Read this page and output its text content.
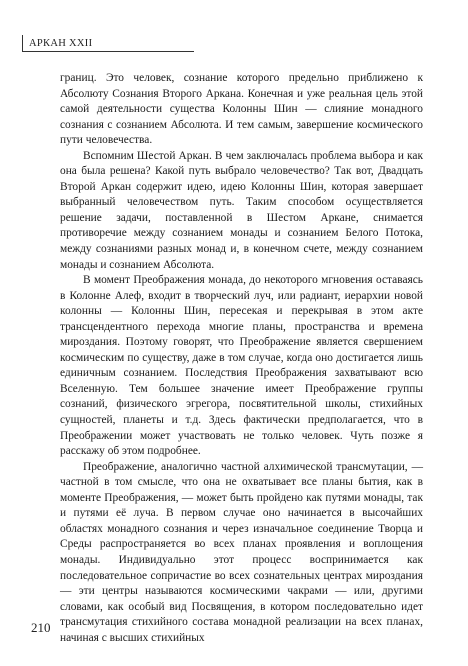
АРКАН XXII

границ. Это человек, сознание которого предельно приближено к Абсолюту Сознания Второго Аркана. Конечная и уже реальная цель этой самой деятельности существа Колонны Шин — слияние монадного сознания с сознанием Абсолюта. И тем самым, завершение космического пути человечества.

Вспомним Шестой Аркан. В чем заключалась проблема выбора и как она была решена? Какой путь выбрало человечество? Так вот, Двадцать Второй Аркан содержит идею, идею Колонны Шин, которая завершает выбранный человечеством путь. Таким способом осуществляется решение задачи, поставленной в Шестом Аркане, снимается противоречие между сознанием монады и сознанием Белого Потока, между сознаниями разных монад и, в конечном счете, между сознанием монады и сознанием Абсолюта.

В момент Преображения монада, до некоторого мгновения оставаясь в Колонне Алеф, входит в творческий луч, или радиант, иерархии новой колонны — Колонны Шин, пересекая и перекрывая в этом акте трансцендентного перехода многие планы, пространства и времена мироздания. Поэтому говорят, что Преображение является свершением космическим по существу, даже в том случае, когда оно достигается лишь единичным сознанием. Последствия Преображения захватывают всю Вселенную. Тем большее значение имеет Преображение группы сознаний, физического эгрегора, посвятительной школы, стихийных сущностей, планеты и т.д. Здесь фактически предполагается, что в Преображении может участвовать не только человек. Чуть позже я расскажу об этом подробнее.

Преображение, аналогично частной алхимической трансмутации, — частной в том смысле, что она не охватывает все планы бытия, как в моменте Преображения, — может быть пройдено как путями монады, так и путями её луча. В первом случае оно начинается в высочайших областях монадного сознания и через изначальное соединение Творца и Среды распространяется во всех планах проявления и воплощения монады. Индивидуально этот процесс воспринимается как последовательное сопричастие во всех сознательных центрах мироздания — эти центры называются космическими чакрами — или, другими словами, как особый вид Посвящения, в котором последовательно идет трансмутация стихийного состава монадной реализации на всех планах, начиная с высших стихийных

210
